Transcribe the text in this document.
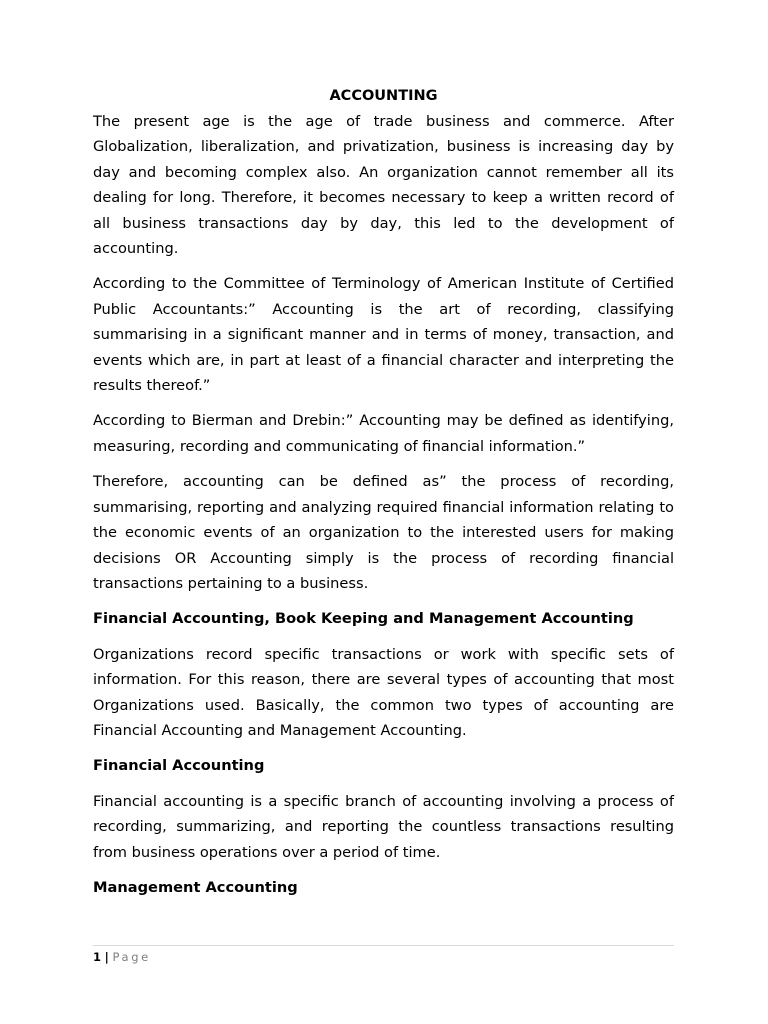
ACCOUNTING
The present age is the age of trade business and commerce. After Globalization, liberalization, and privatization, business is increasing day by day and becoming complex also. An organization cannot remember all its dealing for long. Therefore, it becomes necessary to keep a written record of all business transactions day by day, this led to the development of accounting.
According to the Committee of Terminology of American Institute of Certified Public Accountants:” Accounting is the art of recording, classifying summarising in a significant manner and in terms of money, transaction, and events which are, in part at least of a financial character and interpreting the results thereof.”
According to Bierman and Drebin:” Accounting may be defined as identifying, measuring, recording and communicating of financial information.”
Therefore, accounting can be defined as” the process of recording, summarising, reporting and analyzing required financial information relating to the economic events of an organization to the interested users for making decisions OR Accounting simply is the process of recording financial transactions pertaining to a business.
Financial Accounting, Book Keeping and Management Accounting
Organizations record specific transactions or work with specific sets of information. For this reason, there are several types of accounting that most Organizations used. Basically, the common two types of accounting are Financial Accounting and Management Accounting.
Financial Accounting
Financial accounting is a specific branch of accounting involving a process of recording, summarizing, and reporting the countless transactions resulting from business operations over a period of time.
Management Accounting
1 | Page
